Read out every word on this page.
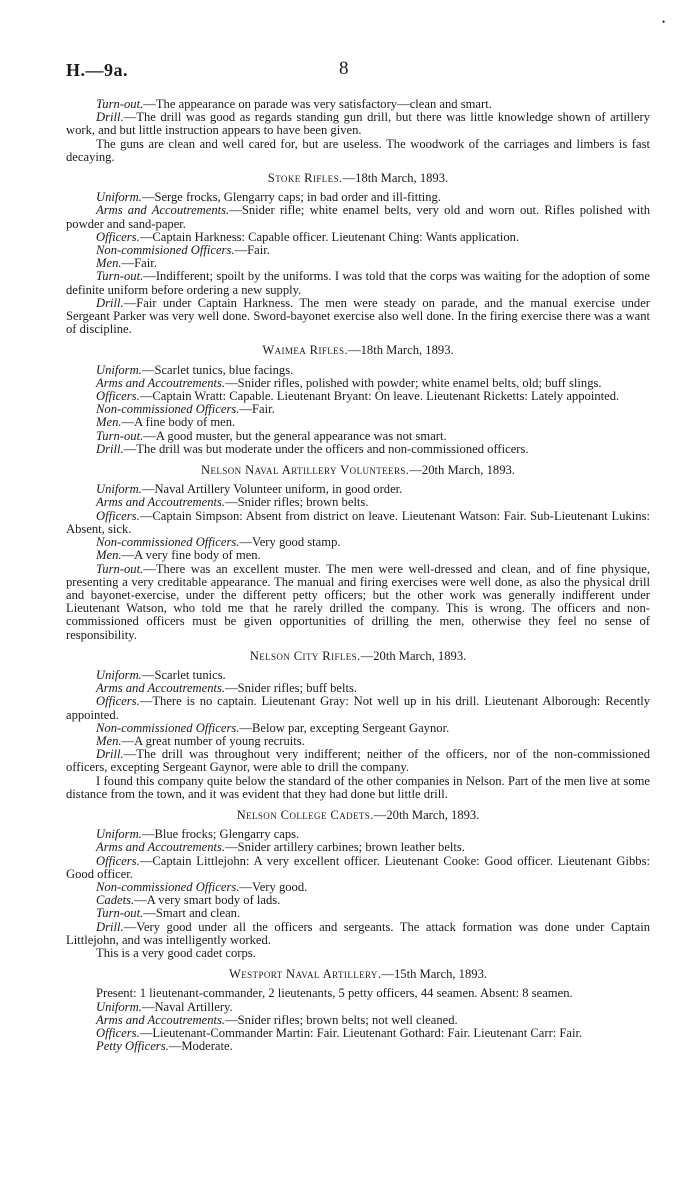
•
H.—9a.	8

Turn-out.—The appearance on parade was very satisfactory—clean and smart.

Drill.—The drill was good as regards standing gun drill, but there was little knowledge shown of artillery work, and but little instruction appears to have been given.

The guns are clean and well cared for, but are useless. The woodwork of the carriages and limbers is fast decaying.

Stoke Rifles.—18th March, 1893.

Uniform.—Serge frocks, Glengarry caps; in bad order and ill-fitting.

Arms and Accoutrements.—Snider rifle; white enamel belts, very old and worn out. Rifles polished with powder and sand-paper.

Officers.—Captain Harkness: Capable officer. Lieutenant Ching: Wants application.

Non-commisioned Officers.—Fair.

Men.—Fair.

Turn-out.—Indifferent; spoilt by the uniforms. I was told that the corps was waiting for the adoption of some definite uniform before ordering a new supply.

Drill.—Fair under Captain Harkness. The men were steady on parade, and the manual exercise under Sergeant Parker was very well done. Sword-bayonet exercise also well done. In the firing exercise there was a want of discipline.

Waimea Rifles.—18th March, 1893.

Uniform.—Scarlet tunics, blue facings.

Arms and Accoutrements.—Snider rifles, polished with powder; white enamel belts, old; buff slings.

Officers.—Captain Wratt: Capable. Lieutenant Bryant: On leave. Lieutenant Ricketts: Lately appointed.

Non-commissioned Officers.—Fair.

Men.—A fine body of men.

Turn-out.—A good muster, but the general appearance was not smart.

Drill.—The drill was but moderate under the officers and non-commissioned officers.

Nelson Naval Artillery Volunteers.—20th March, 1893.

Uniform.—Naval Artillery Volunteer uniform, in good order.

Arms and Accoutrements.—Snider rifles; brown belts.

Officers.—Captain Simpson: Absent from district on leave. Lieutenant Watson: Fair. Sub-Lieutenant Lukins: Absent, sick.

Non-commissioned Officers.—Very good stamp.

Men.—A very fine body of men.

Turn-out.—There was an excellent muster. The men were well-dressed and clean, and of fine physique, presenting a very creditable appearance. The manual and firing exercises were well done, as also the physical drill and bayonet-exercise, under the different petty officers; but the other work was generally indifferent under Lieutenant Watson, who told me that he rarely drilled the company. This is wrong. The officers and non-commissioned officers must be given opportunities of drilling the men, otherwise they feel no sense of responsibility.

Nelson City Rifles.—20th March, 1893.

Uniform.—Scarlet tunics.

Arms and Accoutrements.—Snider rifles; buff belts.

Officers.—There is no captain. Lieutenant Gray: Not well up in his drill. Lieutenant Alborough: Recently appointed.

Non-commissioned Officers.—Below par, excepting Sergeant Gaynor.

Men.—A great number of young recruits.

Drill.—The drill was throughout very indifferent; neither of the officers, nor of the non-commissioned officers, excepting Sergeant Gaynor, were able to drill the company.

I found this company quite below the standard of the other companies in Nelson. Part of the men live at some distance from the town, and it was evident that they had done but little drill.

Nelson College Cadets.—20th March, 1893.

Uniform.—Blue frocks; Glengarry caps.

Arms and Accoutrements.—Snider artillery carbines; brown leather belts.

Officers.—Captain Littlejohn: A very excellent officer. Lieutenant Cooke: Good officer. Lieutenant Gibbs: Good officer.

Non-commissioned Officers.—Very good.

Cadets.—A very smart body of lads.

Turn-out.—Smart and clean.

Drill.—Very good under all the officers and sergeants. The attack formation was done under Captain Littlejohn, and was intelligently worked.

This is a very good cadet corps.

Westport Naval Artillery.—15th March, 1893.

Present: 1 lieutenant-commander, 2 lieutenants, 5 petty officers, 44 seamen. Absent: 8 seamen.

Uniform.—Naval Artillery.

Arms and Accoutrements.—Snider rifles; brown belts; not well cleaned.

Officers.—Lieutenant-Commander Martin: Fair. Lieutenant Gothard: Fair. Lieutenant Carr: Fair.

Petty Officers.—Moderate.
